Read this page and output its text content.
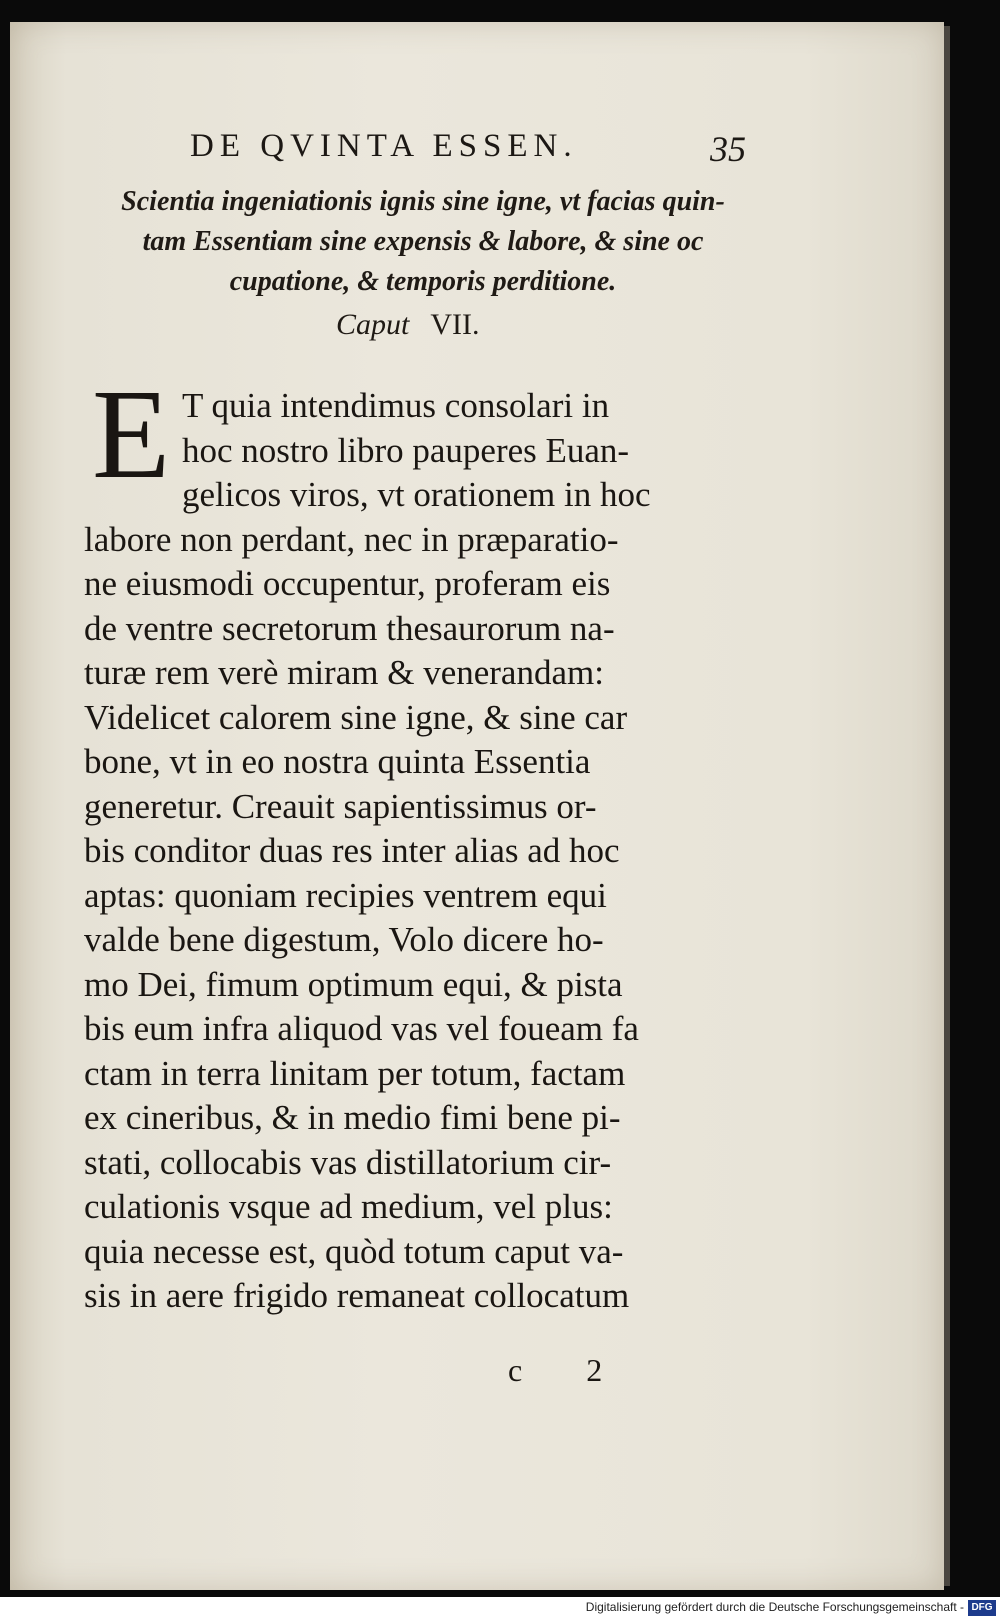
DE QVINTA ESSEN.	35
Scientia ingeniationis ignis sine igne, vt facias quin-
tam Essentiam sine expensis & labore, & sine oc
cupatione, & temporis perditione.
Caput VII.
E T quia intendimus consolari in
hoc nostro libro pauperes Euan-
gelicos viros, vt orationem in hoc
labore non perdant, nec in præparatio-
ne eiusmodi occupentur, proferam eis
de ventre secretorum thesaurorum na-
turæ rem verè miram & venerandam:
Videlicet calorem sine igne, & sine car
bone, vt in eo nostra quinta Essentia
generetur. Creauit sapientissimus or-
bis conditor duas res inter alias ad hoc
aptas: quoniam recipies ventrem equi
valde bene digestum, Volo dicere ho-
mo Dei, fimum optimum equi, & pista
bis eum infra aliquod vas vel foueam fa
ctam in terra linitam per totum, factam
ex cineribus, & in medio fimi bene pi-
stati, collocabis vas distillatorium cir-
culationis vsque ad medium, vel plus:
quia necesse est, quòd totum caput va-
sis in aere frigido remaneat collocatum
c 2
Digitalisierung gefördert durch die Deutsche Forschungsgemeinschaft - DFG
